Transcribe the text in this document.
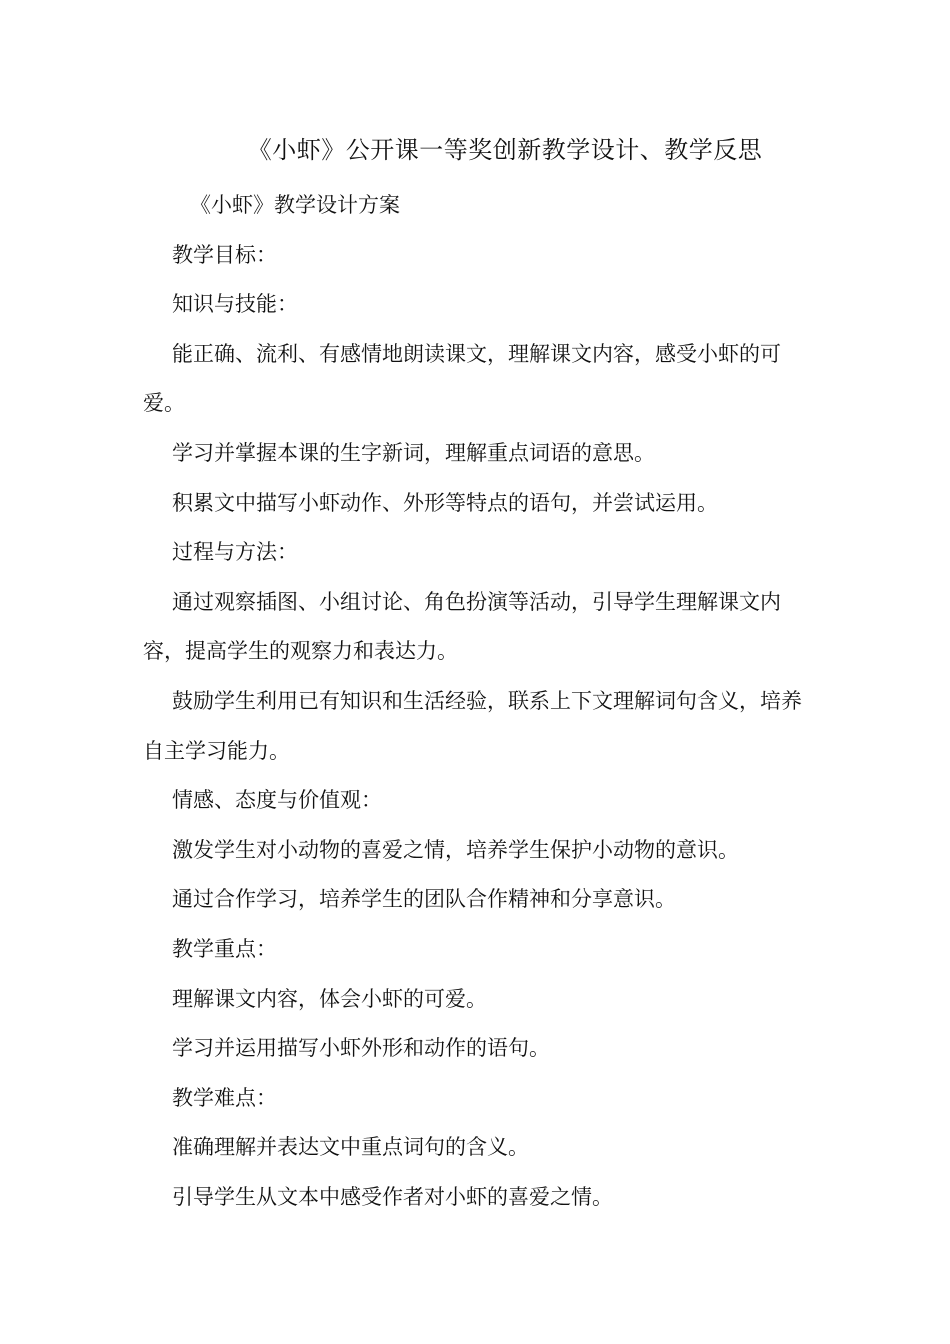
《小虾》公开课一等奖创新教学设计、教学反思

《小虾》教学设计方案

教学目标：

知识与技能：

能正确、流利、有感情地朗读课文，理解课文内容，感受小虾的可爱。

学习并掌握本课的生字新词，理解重点词语的意思。

积累文中描写小虾动作、外形等特点的语句，并尝试运用。

过程与方法：

通过观察插图、小组讨论、角色扮演等活动，引导学生理解课文内容，提高学生的观察力和表达力。

鼓励学生利用已有知识和生活经验，联系上下文理解词句含义，培养自主学习能力。

情感、态度与价值观：

激发学生对小动物的喜爱之情，培养学生保护小动物的意识。

通过合作学习，培养学生的团队合作精神和分享意识。

教学重点：

理解课文内容，体会小虾的可爱。

学习并运用描写小虾外形和动作的语句。

教学难点：

准确理解并表达文中重点词句的含义。

引导学生从文本中感受作者对小虾的喜爱之情。
